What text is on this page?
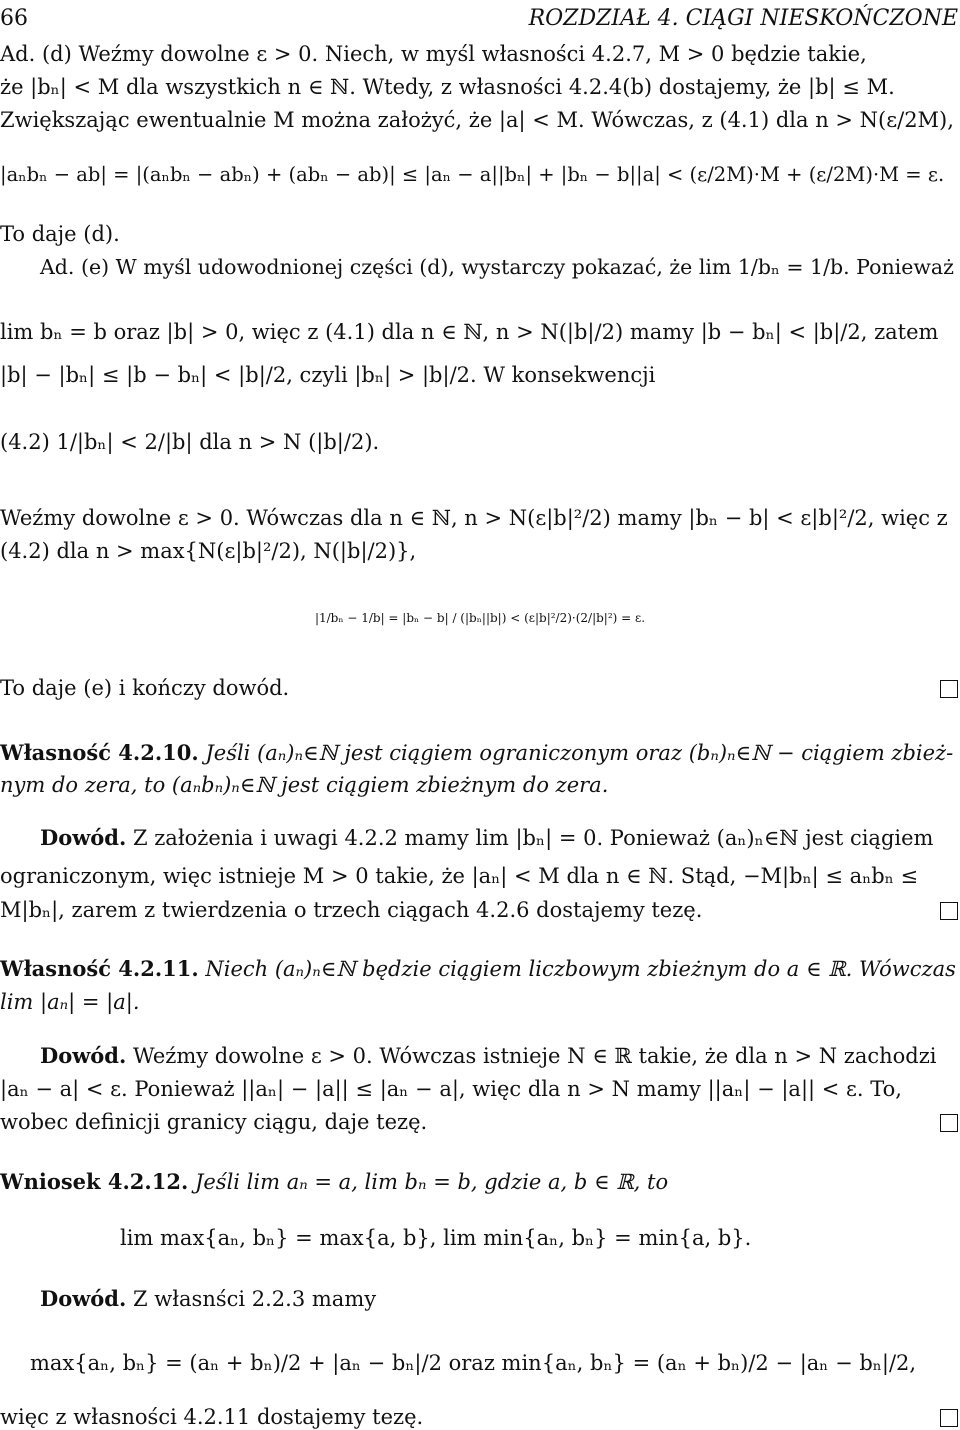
66	ROZDZIAŁ 4. CIĄGI NIESKOŃCZONE
Ad. (d) Weźmy dowolne ε > 0. Niech, w myśl własności 4.2.7, M > 0 będzie takie,
że |bₙ| < M dla wszystkich n ∈ ℕ. Wtedy, z własności 4.2.4(b) dostajemy, że |b| ≤ M.
Zwiększając ewentualnie M można założyć, że |a| < M. Wówczas, z (4.1) dla n > N(ε/2M),
|aₙbₙ − ab| = |(aₙbₙ − abₙ) + (abₙ − ab)| ≤ |aₙ − a||bₙ| + |bₙ − b||a| < (ε/2M)·M + (ε/2M)·M = ε.
To daje (d).
Ad. (e) W myśl udowodnionej części (d), wystarczy pokazać, że lim 1/bₙ = 1/b. Ponieważ
lim bₙ = b oraz |b| > 0, więc z (4.1) dla n ∈ ℕ, n > N(|b|/2) mamy |b − bₙ| < |b|/2, zatem
|b| − |bₙ| ≤ |b − bₙ| < |b|/2, czyli |bₙ| > |b|/2. W konsekwencji
(4.2) 1/|bₙ| < 2/|b| dla n > N (|b|/2).
Weźmy dowolne ε > 0. Wówczas dla n ∈ ℕ, n > N(ε|b|²/2) mamy |bₙ − b| < ε|b|²/2, więc z
(4.2) dla n > max{N(ε|b|²/2), N(|b|/2)},
|1/bₙ − 1/b| = |bₙ − b| / (|bₙ||b|) < (ε|b|²/2)·(2/|b|²) = ε.
To daje (e) i kończy dowód.
Własność 4.2.10. Jeśli (aₙ)ₙ∈ℕ jest ciągiem ograniczonym oraz (bₙ)ₙ∈ℕ − ciągiem zbież-
nym do zera, to (aₙbₙ)ₙ∈ℕ jest ciągiem zbieżnym do zera.
Dowód. Z założenia i uwagi 4.2.2 mamy lim |bₙ| = 0. Ponieważ (aₙ)ₙ∈ℕ jest ciągiem
ograniczonym, więc istnieje M > 0 takie, że |aₙ| < M dla n ∈ ℕ. Stąd, −M|bₙ| ≤ aₙbₙ ≤
M|bₙ|, zarem z twierdzenia o trzech ciągach 4.2.6 dostajemy tezę.
Własność 4.2.11. Niech (aₙ)ₙ∈ℕ będzie ciągiem liczbowym zbieżnym do a ∈ ℝ. Wówczas
lim |aₙ| = |a|.
Dowód. Weźmy dowolne ε > 0. Wówczas istnieje N ∈ ℝ takie, że dla n > N zachodzi
|aₙ − a| < ε. Ponieważ ||aₙ| − |a|| ≤ |aₙ − a|, więc dla n > N mamy ||aₙ| − |a|| < ε. To,
wobec definicji granicy ciągu, daje tezę.
Wniosek 4.2.12. Jeśli lim aₙ = a, lim bₙ = b, gdzie a, b ∈ ℝ, to
lim max{aₙ, bₙ} = max{a, b}, lim min{aₙ, bₙ} = min{a, b}.
Dowód. Z własnści 2.2.3 mamy
max{aₙ, bₙ} = (aₙ + bₙ)/2 + |aₙ − bₙ|/2 oraz min{aₙ, bₙ} = (aₙ + bₙ)/2 − |aₙ − bₙ|/2,
więc z własności 4.2.11 dostajemy tezę.
